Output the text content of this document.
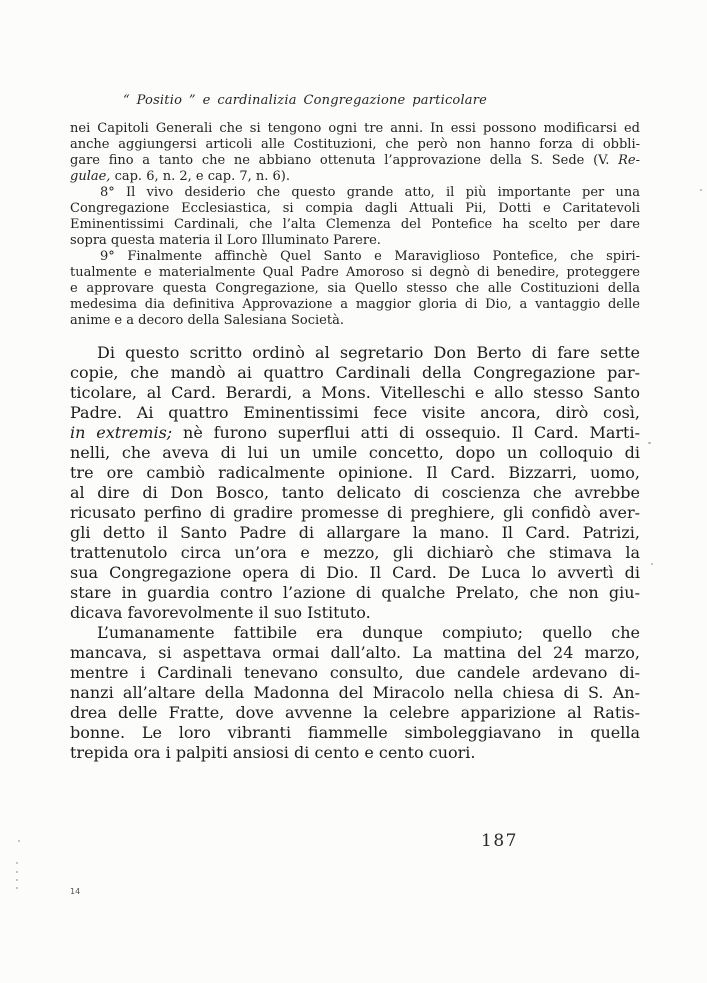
“ Positio ” e cardinalizia Congregazione particolare
nei Capitoli Generali che si tengono ogni tre anni. In essi possono modificarsi ed
anche aggiungersi articoli alle Costituzioni, che però non hanno forza di obbli-
gare fino a tanto che ne abbiano ottenuta l’approvazione della S. Sede (V. Re-
gulae, cap. 6, n. 2, e cap. 7, n. 6).
8° Il vivo desiderio che questo grande atto, il più importante per una
Congregazione Ecclesiastica, si compia dagli Attuali Pii, Dotti e Caritatevoli
Eminentissimi Cardinali, che l’alta Clemenza del Pontefice ha scelto per dare
sopra questa materia il Loro Illuminato Parere.
9° Finalmente affinchè Quel Santo e Maraviglioso Pontefice, che spiri-
tualmente e materialmente Qual Padre Amoroso si degnò di benedire, proteggere
e approvare questa Congregazione, sia Quello stesso che alle Costituzioni della
medesima dia definitiva Approvazione a maggior gloria di Dio, a vantaggio delle
anime e a decoro della Salesiana Società.
Di questo scritto ordinò al segretario Don Berto di fare sette
copie, che mandò ai quattro Cardinali della Congregazione par-
ticolare, al Card. Berardi, a Mons. Vitelleschi e allo stesso Santo
Padre. Ai quattro Eminentissimi fece visite ancora, dirò così,
in extremis; nè furono superflui atti di ossequio. Il Card. Marti-
nelli, che aveva di lui un umile concetto, dopo un colloquio di
tre ore cambiò radicalmente opinione. Il Card. Bizzarri, uomo,
al dire di Don Bosco, tanto delicato di coscienza che avrebbe
ricusato perfino di gradire promesse di preghiere, gli confidò aver-
gli detto il Santo Padre di allargare la mano. Il Card. Patrizi,
trattenutolo circa un’ora e mezzo, gli dichiarò che stimava la
sua Congregazione opera di Dio. Il Card. De Luca lo avvertì di
stare in guardia contro l’azione di qualche Prelato, che non giu-
dicava favorevolmente il suo Istituto.
L’umanamente fattibile era dunque compiuto; quello che
mancava, si aspettava ormai dall’alto. La mattina del 24 marzo,
mentre i Cardinali tenevano consulto, due candele ardevano di-
nanzi all’altare della Madonna del Miracolo nella chiesa di S. An-
drea delle Fratte, dove avvenne la celebre apparizione al Ratis-
bonne. Le loro vibranti fiammelle simboleggiavano in quella
trepida ora i palpiti ansiosi di cento e cento cuori.
187
14
